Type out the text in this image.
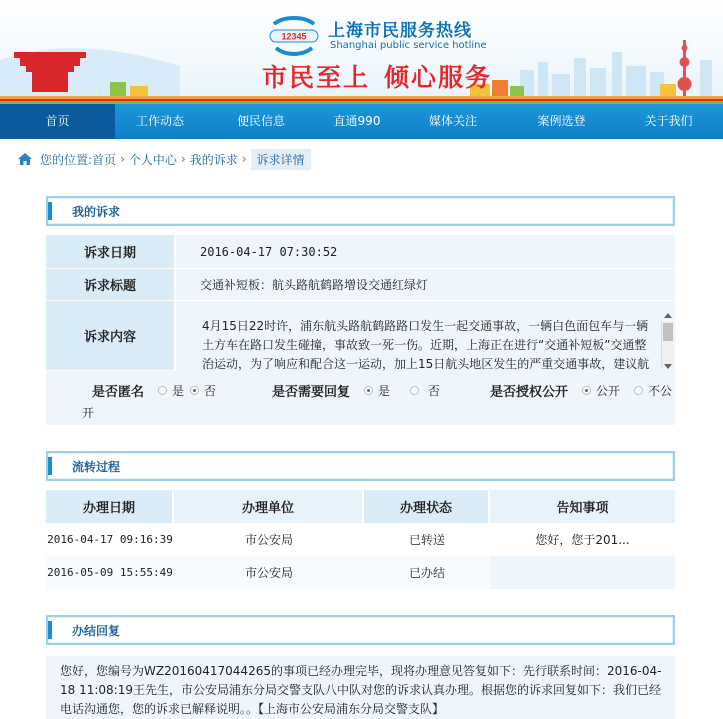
12345 上海市民服务热线
Shanghai public service hotline
市民至上 倾心服务
首页	工作动态	便民信息	直通990	媒体关注	案例选登	关于我们
您的位置: 首页 › 个人中心 › 我的诉求 › 诉求详情
我的诉求
诉求日期	2016-04-17 07:30:52
诉求标题	交通补短板：航头路航鹤路增设交通红绿灯
诉求内容

4月15日22时许，浦东航头路航鹤路路口发生一起交通事故，一辆白色面包车与一辆土方车在路口发生碰撞，事故致一死一伤。近期，上海正在进行“交通补短板”交通整治运动，为了响应和配合这一运动，加上15日航头地区发生的严重交通事故，建议航

是否匿名 是 否	是否需要回复 是	否	是否授权公开 公开 不公
开
流转过程
办理日期	办理单位	办理状态	告知事项
2016-04-17 09:16:39	市公安局	已转送	您好，您于201...
2016-05-09 15:55:49	市公安局	已办结
办结回复
您好，您编号为WZ20160417044265的事项已经办理完毕，现将办理意见答复如下：先行联系时间：2016-04-18 11:08:19王先生，市公安局浦东分局交警支队八中队对您的诉求认真办理。根据您的诉求回复如下：我们已经电话沟通您，您的诉求已解释说明。。【上海市公安局浦东分局交警支队】
